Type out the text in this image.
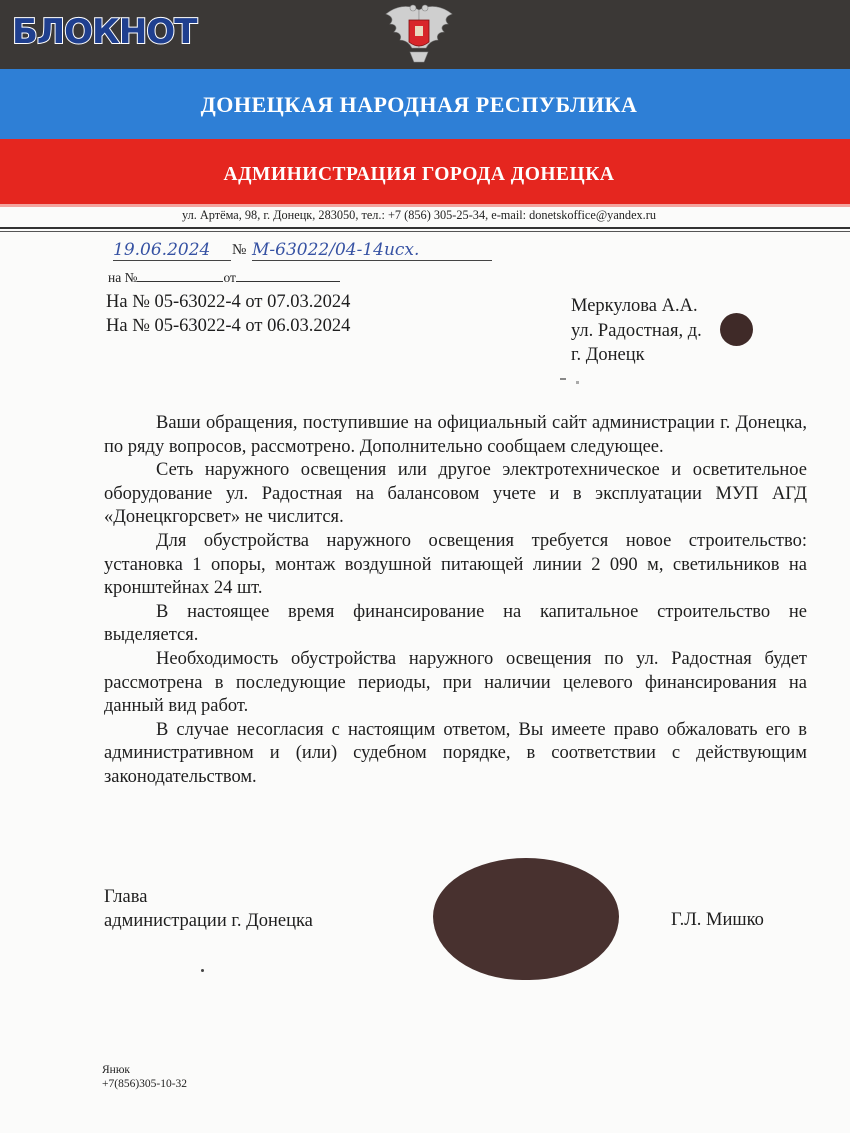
БЛОКНОТ
ДОНЕЦКАЯ НАРОДНАЯ РЕСПУБЛИКА
АДМИНИСТРАЦИЯ ГОРОДА ДОНЕЦКА
ул. Артёма, 98, г. Донецк, 283050, тел.: +7 (856) 305-25-34, e-mail: donetskoffice@yandex.ru
19.06.2024	№ М-63022/04-14исх.
на №	от
На № 05-63022-4 от 07.03.2024
На № 05-63022-4 от 06.03.2024
Меркулова А.А.
ул. Радостная, д.
г. Донецк

Ваши обращения, поступившие на официальный сайт администрации г. Донецка, по ряду вопросов, рассмотрено. Дополнительно сообщаем следующее.

Сеть наружного освещения или другое электротехническое и осветительное оборудование ул. Радостная на балансовом учете и в эксплуатации МУП АГД «Донецкгорсвет» не числится.

Для обустройства наружного освещения требуется новое строительство: установка 1 опоры, монтаж воздушной питающей линии 2 090 м, светильников на кронштейнах 24 шт.

В настоящее время финансирование на капитальное строительство не выделяется.

Необходимость обустройства наружного освещения по ул. Радостная будет рассмотрена в последующие периоды, при наличии целевого финансирования на данный вид работ.

В случае несогласия с настоящим ответом, Вы имеете право обжаловать его в административном и (или) судебном порядке, в соответствии с действующим законодательством.

Глава
администрации г. Донецка	Г.Л. Мишко
Янюк
+7(856)305-10-32
